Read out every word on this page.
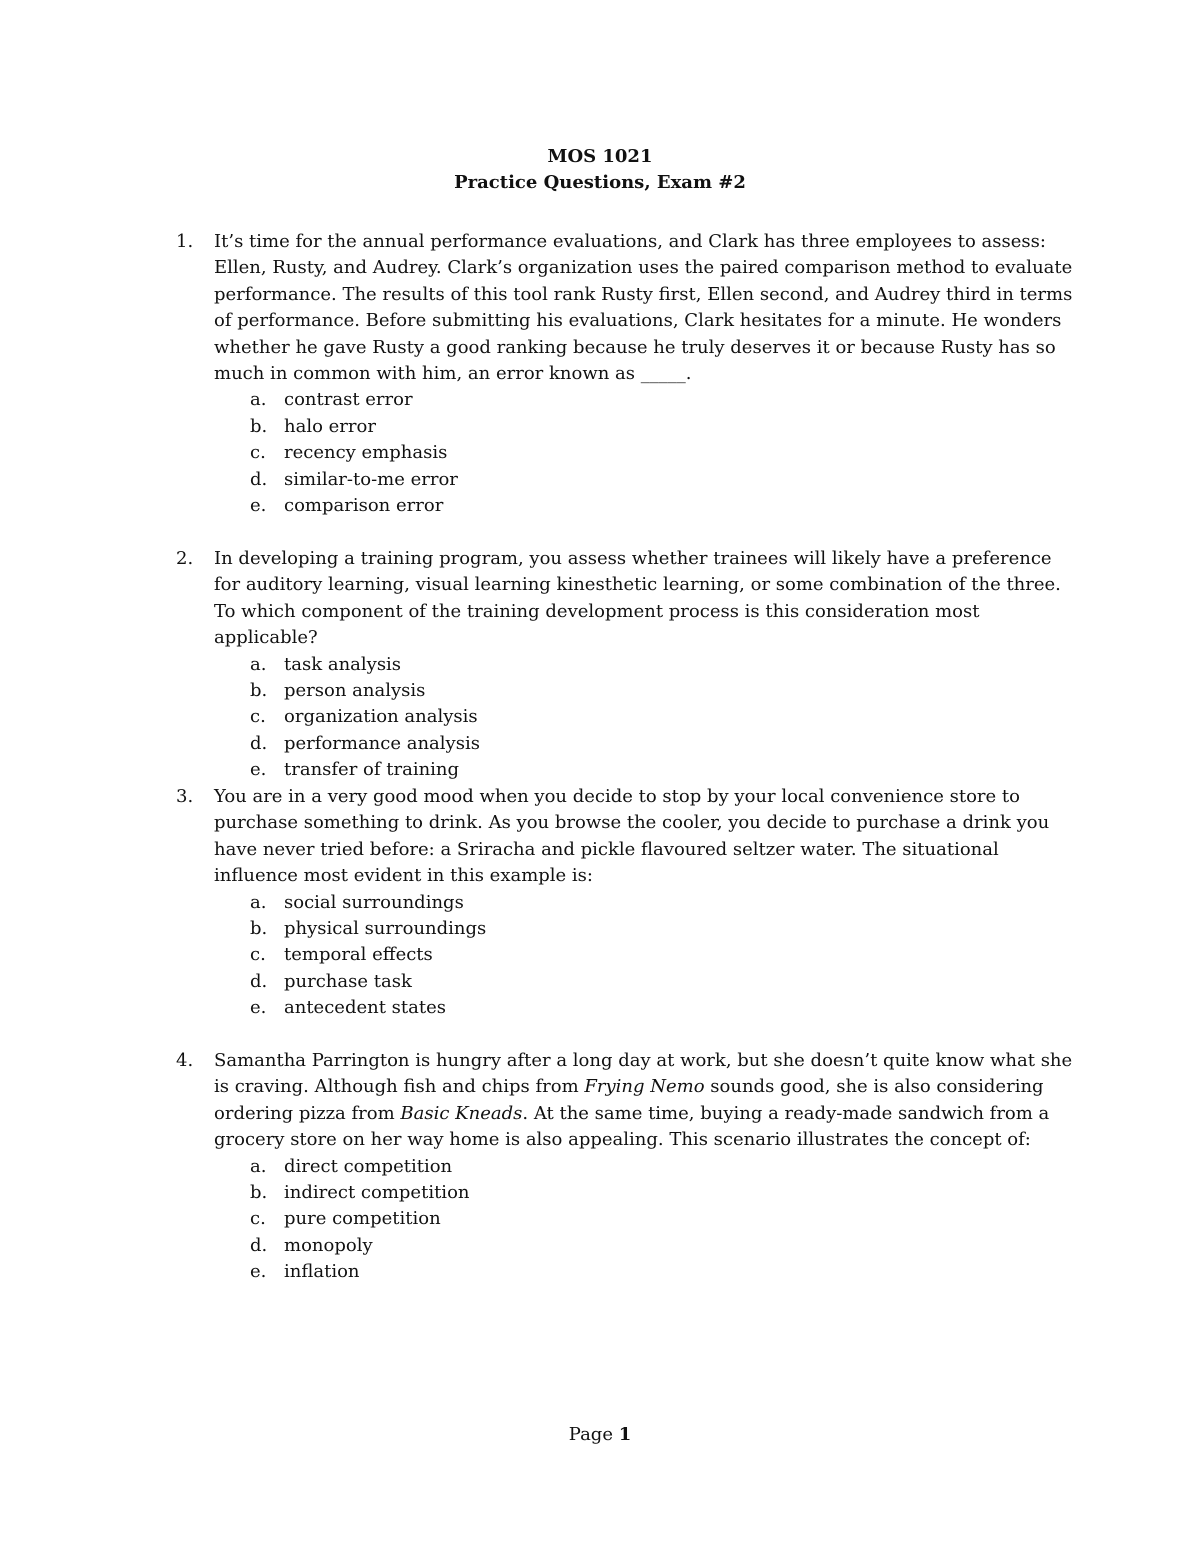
MOS 1021
Practice Questions, Exam #2
1.	It’s time for the annual performance evaluations, and Clark has three employees to assess: Ellen, Rusty, and Audrey. Clark’s organization uses the paired comparison method to evaluate performance. The results of this tool rank Rusty first, Ellen second, and Audrey third in terms of performance. Before submitting his evaluations, Clark hesitates for a minute. He wonders whether he gave Rusty a good ranking because he truly deserves it or because Rusty has so much in common with him, an error known as _____.
a. contrast error
b. halo error
c. recency emphasis
d. similar-to-me error
e. comparison error
2.	In developing a training program, you assess whether trainees will likely have a preference for auditory learning, visual learning kinesthetic learning, or some combination of the three. To which component of the training development process is this consideration most applicable?
a. task analysis
b. person analysis
c. organization analysis
d. performance analysis
e. transfer of training
3.	You are in a very good mood when you decide to stop by your local convenience store to purchase something to drink. As you browse the cooler, you decide to purchase a drink you have never tried before: a Sriracha and pickle flavoured seltzer water. The situational influence most evident in this example is:
a. social surroundings
b. physical surroundings
c. temporal effects
d. purchase task
e. antecedent states
4.	Samantha Parrington is hungry after a long day at work, but she doesn’t quite know what she is craving. Although fish and chips from Frying Nemo sounds good, she is also considering ordering pizza from Basic Kneads. At the same time, buying a ready-made sandwich from a grocery store on her way home is also appealing. This scenario illustrates the concept of:
a. direct competition
b. indirect competition
c. pure competition
d. monopoly
e. inflation
Page 1
